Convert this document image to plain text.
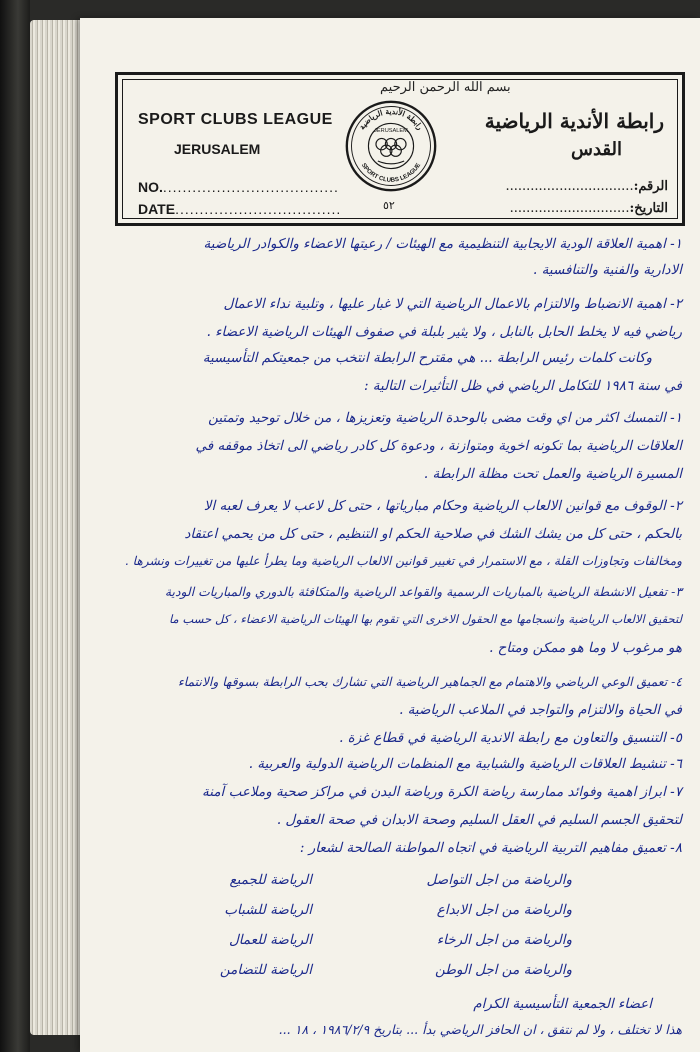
بسم الله الرحمن الرحيم
SPORT CLUBS LEAGUE
JERUSALEM
رابطة الأندية الرياضية
القدس
رابطة الأندية الرياضية
SPORT CLUBS LEAGUE
JERUSALEM
NO.....................................
DATE..................................
الرقم:...............................
التاريخ:.............................
٥٢
١- اهمية العلاقة الودية الايجابية التنظيمية مع الهيئات / رعيتها الاعضاء والكوادر الرياضية
الادارية والفنية والتنافسية .
٢- اهمية الانضباط والالتزام بالاعمال الرياضية التي لا غبار عليها ، وتلبية نداء الاعمال
رياضي فيه لا يخلط الحابل بالنابل ، ولا يثير بلبلة في صفوف الهيئات الرياضية الاعضاء .
وكانت كلمات رئيس الرابطة ... هي مقترح الرابطة انتخب من جمعيتكم التأسيسية
في سنة ١٩٨٦ للتكامل الرياضي في ظل التأثيرات التالية :
١- التمسك اكثر من اي وقت مضى بالوحدة الرياضية وتعزيزها ، من خلال توحيد وتمتين
العلاقات الرياضية بما تكونه اخوية ومتوازنة ، ودعوة كل كادر رياضي الى اتخاذ موقفه في
المسيرة الرياضية والعمل تحت مظلة الرابطة .
٢- الوقوف مع قوانين الالعاب الرياضية وحكام مبارياتها ، حتى كل لاعب لا يعرف لعبه الا
بالحكم ، حتى كل من يشك الشك في صلاحية الحكم او التنظيم ، حتى كل من يحمي اعتقاد
ومخالفات وتجاوزات القلة ، مع الاستمرار في تغيير قوانين الالعاب الرياضية وما يطرأ عليها من تغييرات ونشرها .
٣- تفعيل الانشطة الرياضية بالمباريات الرسمية والقواعد الرياضية والمتكافئة بالدوري والمباريات الودية
لتحقيق الالعاب الرياضية وانسجامها مع الحقول الاخرى التي تقوم بها الهيئات الرياضية الاعضاء ، كل حسب ما
هو مرغوب لا وما هو ممكن ومتاح .
٤- تعميق الوعي الرياضي والاهتمام مع الجماهير الرياضية التي تشارك بحب الرابطة بسوقها والانتماء
في الحياة والالتزام والتواجد في الملاعب الرياضية .
٥- التنسيق والتعاون مع رابطة الاندية الرياضية في قطاع غزة .
٦- تنشيط العلاقات الرياضية والشبابية مع المنظمات الرياضية الدولية والعربية .
٧- ابراز اهمية وفوائد ممارسة رياضة الكرة ورياضة البدن في مراكز صحية وملاعب آمنة
لتحقيق الجسم السليم في العقل السليم وصحة الابدان في صحة العقول .
٨- تعميق مفاهيم التربية الرياضية في اتجاه المواطنة الصالحة لشعار :
الرياضة للجميع	والرياضة من اجل التواصل
الرياضة للشباب	والرياضة من اجل الابداع
الرياضة للعمال	والرياضة من اجل الرخاء
الرياضة للتضامن	والرياضة من اجل الوطن
اعضاء الجمعية التأسيسية الكرام
هذا لا تختلف ، ولا لم نتفق ، ان الحافز الرياضي بدأ ... بتاريخ ١٩٨٦/٢/٩ ، ١٨ ...
